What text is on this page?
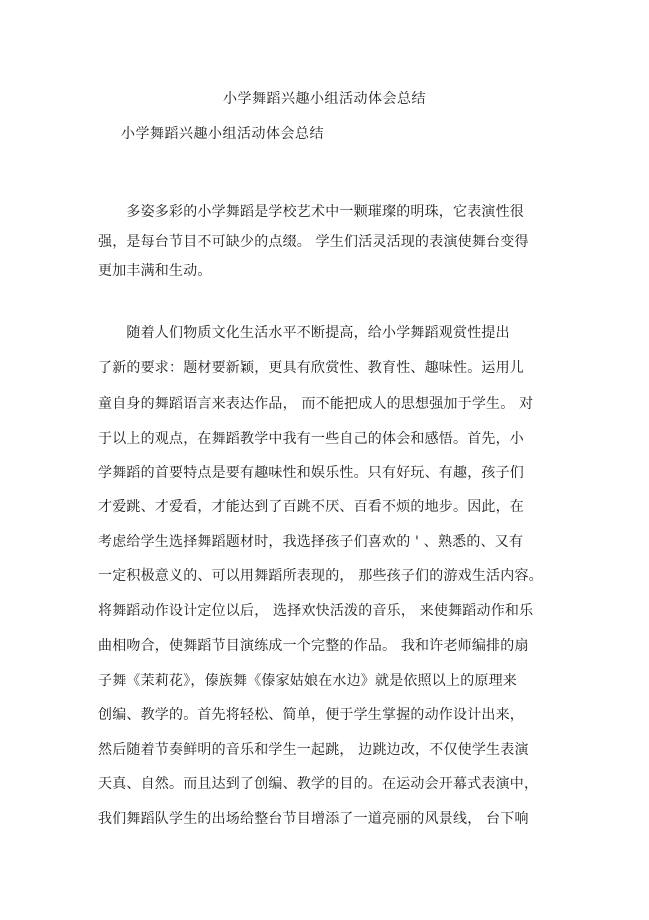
小学舞蹈兴趣小组活动体会总结
小学舞蹈兴趣小组活动体会总结
　　多姿多彩的小学舞蹈是学校艺术中一颗璀璨的明珠，它表演性很
强，是每台节目不可缺少的点缀。 学生们活灵活现的表演使舞台变得
更加丰满和生动。
　　随着人们物质文化生活水平不断提高，给小学舞蹈观赏性提出
了新的要求：题材要新颖，更具有欣赏性、教育性、趣味性。运用儿
童自身的舞蹈语言来表达作品， 而不能把成人的思想强加于学生。 对
于以上的观点，在舞蹈教学中我有一些自己的体会和感悟。首先，小
学舞蹈的首要特点是要有趣味性和娱乐性。只有好玩、有趣，孩子们
才爱跳、才爱看，才能达到了百跳不厌、百看不烦的地步。因此，在
考虑给学生选择舞蹈题材时，我选择孩子们喜欢的 ' 、熟悉的、又有
一定积极意义的、可以用舞蹈所表现的， 那些孩子们的游戏生活内容。
将舞蹈动作设计定位以后， 选择欢快活泼的音乐， 来使舞蹈动作和乐
曲相吻合，使舞蹈节目演练成一个完整的作品。 我和许老师编排的扇
子舞《茉莉花》，傣族舞《傣家姑娘在水边》就是依照以上的原理来
创编、教学的。首先将轻松、简单，便于学生掌握的动作设计出来，
然后随着节奏鲜明的音乐和学生一起跳， 边跳边改，不仅使学生表演
天真、自然。而且达到了创编、教学的目的。在运动会开幕式表演中，
我们舞蹈队学生的出场给整台节目增添了一道亮丽的风景线， 台下响
